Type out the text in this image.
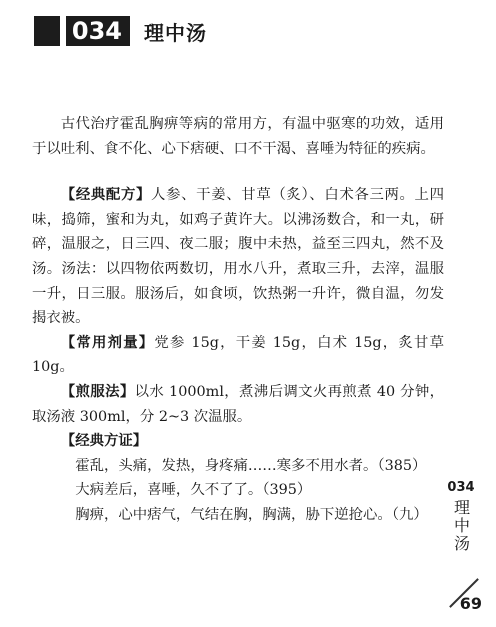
034 理中汤

古代治疗霍乱胸痹等病的常用方，有温中驱寒的功效，适用于以吐利、食不化、心下痞硬、口不干渴、喜唾为特征的疾病。

【经典配方】人参、干姜、甘草（炙）、白术各三两。上四味，捣筛，蜜和为丸，如鸡子黄许大。以沸汤数合，和一丸，研碎，温服之，日三四、夜二服；腹中未热，益至三四丸，然不及汤。汤法：以四物依两数切，用水八升，煮取三升，去滓，温服一升，日三服。服汤后，如食顷，饮热粥一升许，微自温，勿发揭衣被。

【常用剂量】党参 15g，干姜 15g，白术 15g，炙甘草 10g。

【煎服法】以水 1000ml，煮沸后调文火再煎煮 40 分钟，取汤液 300ml，分 2~3 次温服。

【经典方证】

霍乱，头痛，发热，身疼痛……寒多不用水者。（385）

大病差后，喜唾，久不了了。（395）

胸痹，心中痞气，气结在胸，胸满，胁下逆抢心。（九）

034
理中汤
69
